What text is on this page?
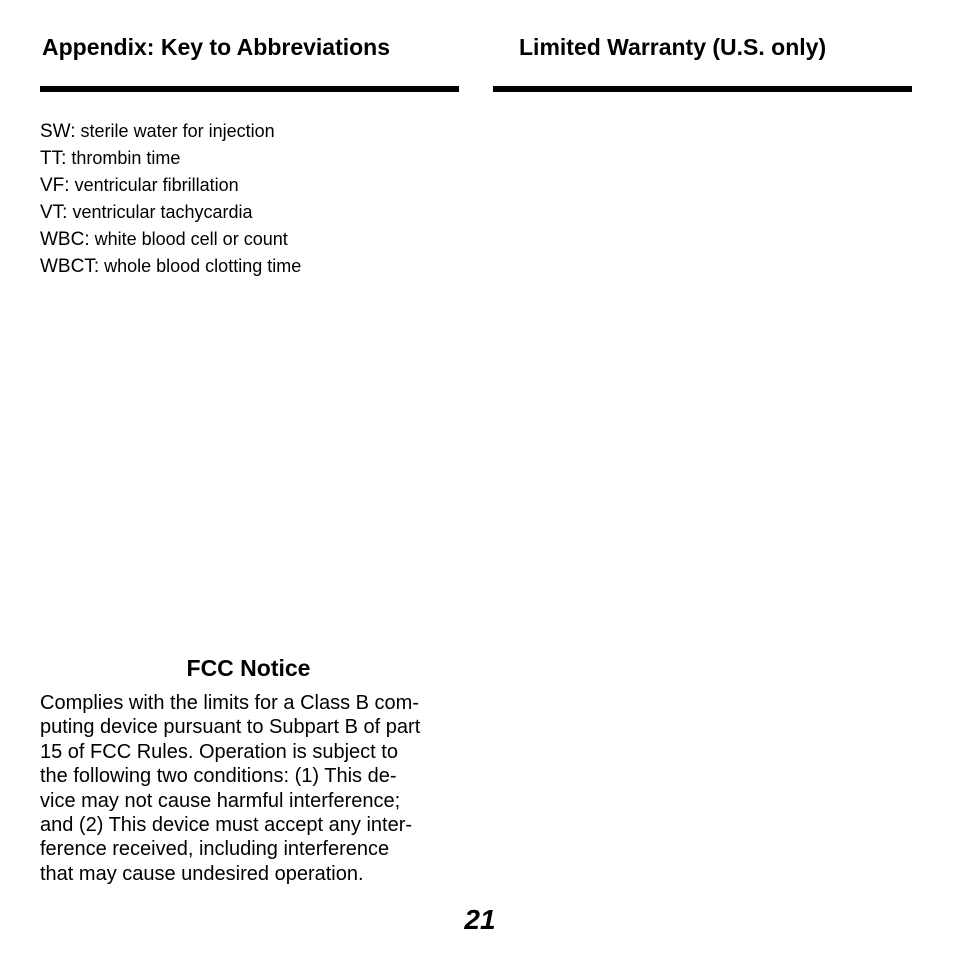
Appendix: Key to Abbreviations
SW: sterile water for injection
TT: thrombin time
VF: ventricular fibrillation
VT: ventricular tachycardia
WBC: white blood cell or count
WBCT: whole blood clotting time
FCC Notice

Complies with the limits for a Class B com-
puting device pursuant to Subpart B of part
15 of FCC Rules. Operation is subject to
the following two conditions: (1) This de-
vice may not cause harmful interference;
and (2) This device must accept any inter-
ference received, including interference
that may cause undesired operation.

Limited Warranty (U.S. only)
21
